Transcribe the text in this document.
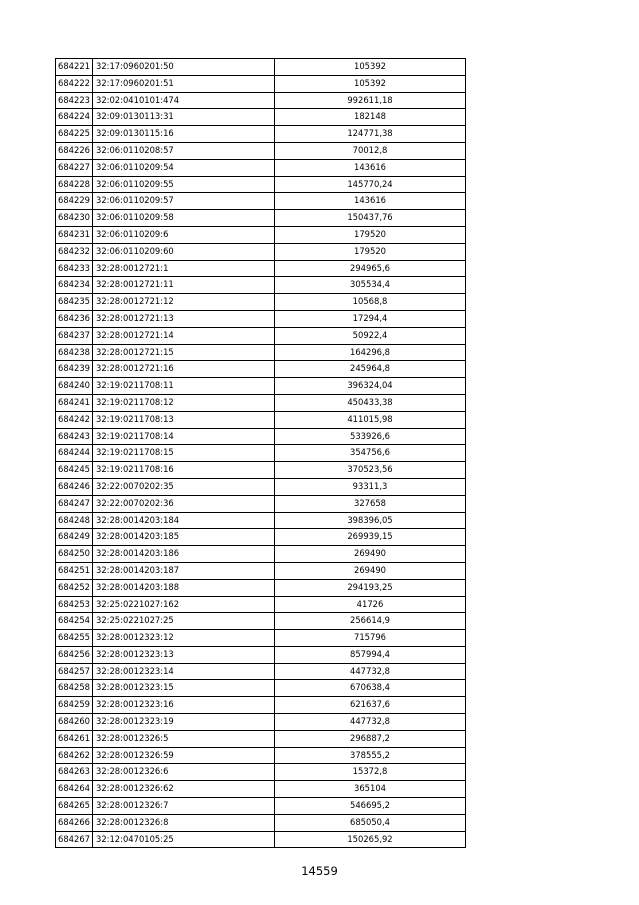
684221	32:17:0960201:50	105392
684222	32:17:0960201:51	105392
684223	32:02:0410101:474	992611,18
684224	32:09:0130113:31	182148
684225	32:09:0130115:16	124771,38
684226	32:06:0110208:57	70012,8
684227	32:06:0110209:54	143616
684228	32:06:0110209:55	145770,24
684229	32:06:0110209:57	143616
684230	32:06:0110209:58	150437,76
684231	32:06:0110209:6	179520
684232	32:06:0110209:60	179520
684233	32:28:0012721:1	294965,6
684234	32:28:0012721:11	305534,4
684235	32:28:0012721:12	10568,8
684236	32:28:0012721:13	17294,4
684237	32:28:0012721:14	50922,4
684238	32:28:0012721:15	164296,8
684239	32:28:0012721:16	245964,8
684240	32:19:0211708:11	396324,04
684241	32:19:0211708:12	450433,38
684242	32:19:0211708:13	411015,98
684243	32:19:0211708:14	533926,6
684244	32:19:0211708:15	354756,6
684245	32:19:0211708:16	370523,56
684246	32:22:0070202:35	93311,3
684247	32:22:0070202:36	327658
684248	32:28:0014203:184	398396,05
684249	32:28:0014203:185	269939,15
684250	32:28:0014203:186	269490
684251	32:28:0014203:187	269490
684252	32:28:0014203:188	294193,25
684253	32:25:0221027:162	41726
684254	32:25:0221027:25	256614,9
684255	32:28:0012323:12	715796
684256	32:28:0012323:13	857994,4
684257	32:28:0012323:14	447732,8
684258	32:28:0012323:15	670638,4
684259	32:28:0012323:16	621637,6
684260	32:28:0012323:19	447732,8
684261	32:28:0012326:5	296887,2
684262	32:28:0012326:59	378555,2
684263	32:28:0012326:6	15372,8
684264	32:28:0012326:62	365104
684265	32:28:0012326:7	546695,2
684266	32:28:0012326:8	685050,4
684267	32:12:0470105:25	150265,92
14559
